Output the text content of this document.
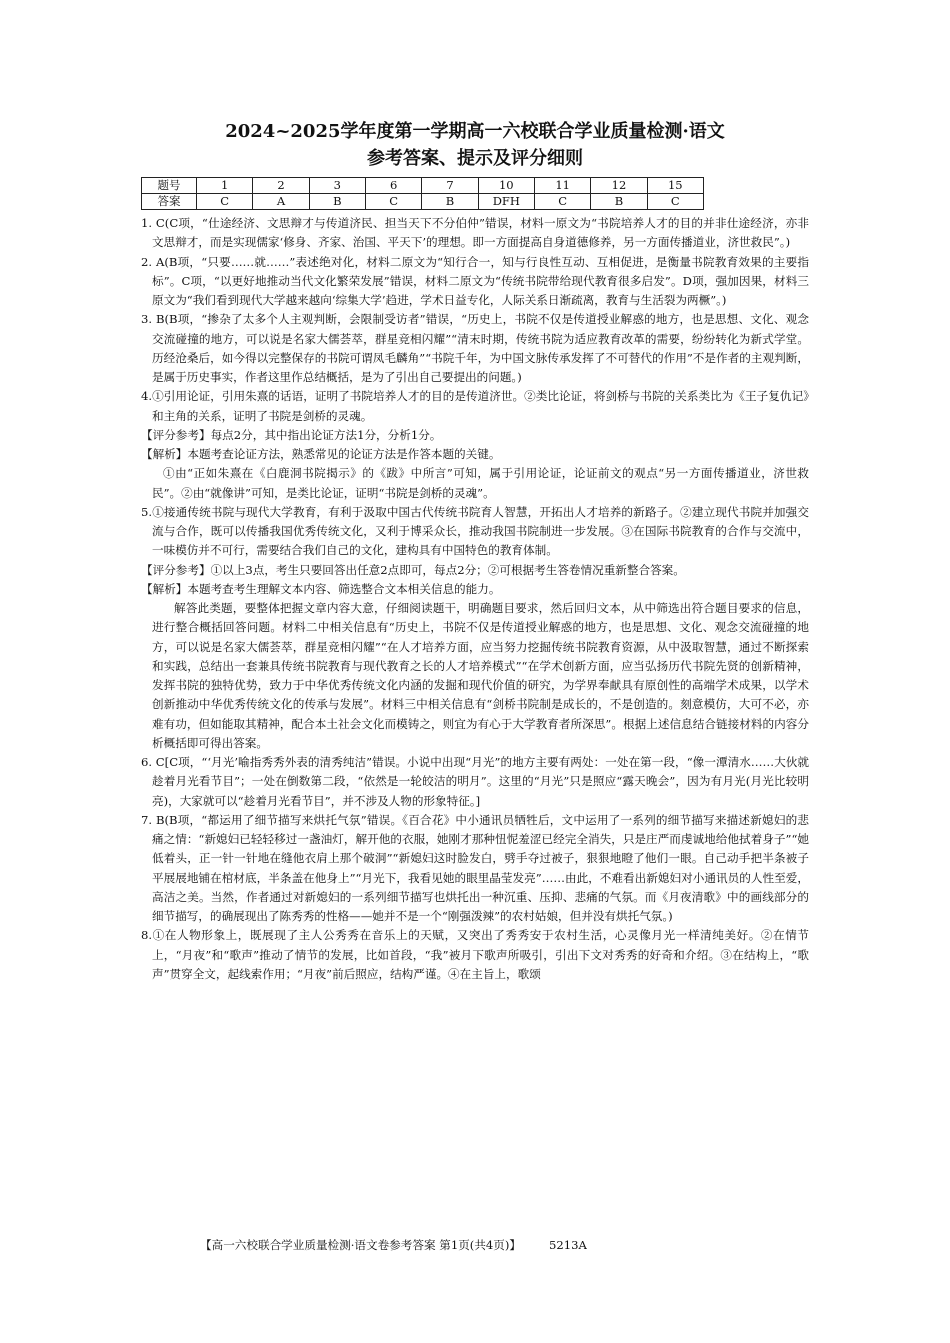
2024~2025学年度第一学期高一六校联合学业质量检测·语文
参考答案、提示及评分细则
题号	1	2	3	6	7	10	11	12	15
答案	C	A	B	C	B	DFH	C	B	C

1. C(C项，“仕途经济、文思辩才与传道济民、担当天下不分伯仲”错误，材料一原文为“书院培养人才的目的并非仕途经济，亦非文思辩才，而是实现儒家‘修身、齐家、治国、平天下’的理想。即一方面提高自身道德修养，另一方面传播道业，济世救民”。)

2. A(B项，“只要……就……”表述绝对化，材料二原文为“知行合一，知与行良性互动、互相促进，是衡量书院教育效果的主要指标”。C项，“以更好地推动当代文化繁荣发展”错误，材料二原文为“传统书院带给现代教育很多启发”。D项，强加因果，材料三原文为“我们看到现代大学越来越向‘综集大学’趋进，学术日益专化，人际关系日渐疏离，教育与生活裂为两橛”。)

3. B(B项，“掺杂了太多个人主观判断，会限制受访者”错误，“历史上，书院不仅是传道授业解惑的地方，也是思想、文化、观念交流碰撞的地方，可以说是名家大儒荟萃，群星竞相闪耀”“清末时期，传统书院为适应教育改革的需要，纷纷转化为新式学堂。历经沧桑后，如今得以完整保存的书院可谓凤毛麟角”“书院千年，为中国文脉传承发挥了不可替代的作用”不是作者的主观判断，是属于历史事实，作者这里作总结概括，是为了引出自己要提出的问题。)

4.①引用论证，引用朱熹的话语，证明了书院培养人才的目的是传道济世。②类比论证，将剑桥与书院的关系类比为《王子复仇记》和主角的关系，证明了书院是剑桥的灵魂。

【评分参考】每点2分，其中指出论证方法1分，分析1分。

【解析】本题考查论证方法，熟悉常见的论证方法是作答本题的关键。

①由“正如朱熹在《白鹿洞书院揭示》的《跋》中所言”可知，属于引用论证，论证前文的观点“另一方面传播道业，济世救民”。②由“就像讲”可知，是类比论证，证明“书院是剑桥的灵魂”。

5.①接通传统书院与现代大学教育，有利于汲取中国古代传统书院育人智慧，开拓出人才培养的新路子。②建立现代书院并加强交流与合作，既可以传播我国优秀传统文化，又利于博采众长，推动我国书院制进一步发展。③在国际书院教育的合作与交流中，一味模仿并不可行，需要结合我们自己的文化，建构具有中国特色的教育体制。

【评分参考】①以上3点，考生只要回答出任意2点即可，每点2分；②可根据考生答卷情况重新整合答案。

【解析】本题考查考生理解文本内容、筛选整合文本相关信息的能力。

解答此类题，要整体把握文章内容大意，仔细阅读题干，明确题目要求，然后回归文本，从中筛选出符合题目要求的信息，进行整合概括回答问题。材料二中相关信息有“历史上，书院不仅是传道授业解惑的地方，也是思想、文化、观念交流碰撞的地方，可以说是名家大儒荟萃，群星竞相闪耀”“在人才培养方面，应当努力挖掘传统书院教育资源，从中汲取智慧，通过不断探索和实践，总结出一套兼具传统书院教育与现代教育之长的人才培养模式”“在学术创新方面，应当弘扬历代书院先贤的创新精神，发挥书院的独特优势，致力于中华优秀传统文化内涵的发掘和现代价值的研究，为学界奉献具有原创性的高端学术成果，以学术创新推动中华优秀传统文化的传承与发展”。材料三中相关信息有“剑桥书院制是成长的，不是创造的。刻意模仿，大可不必，亦难有功，但如能取其精神，配合本土社会文化而模铸之，则宜为有心于大学教育者所深思”。根据上述信息结合链接材料的内容分析概括即可得出答案。

6. C[C项，“‘月光’喻指秀秀外表的清秀纯洁”错误。小说中出现“月光”的地方主要有两处：一处在第一段，“像一潭清水……大伙就趁着月光看节目”；一处在倒数第二段，“依然是一轮皎洁的明月”。这里的“月光”只是照应“露天晚会”，因为有月光(月光比较明亮)，大家就可以“趁着月光看节目”，并不涉及人物的形象特征。]

7. B(B项，“都运用了细节描写来烘托气氛”错误。《百合花》中小通讯员牺牲后，文中运用了一系列的细节描写来描述新媳妇的悲痛之情：“新媳妇已轻轻移过一盏油灯，解开他的衣服，她刚才那种忸怩羞涩已经完全消失，只是庄严而虔诚地给他拭着身子”“她低着头，正一针一针地在缝他衣肩上那个破洞”“新媳妇这时脸发白，劈手夺过被子，狠狠地瞪了他们一眼。自己动手把半条被子平展展地铺在棺材底，半条盖在他身上”“月光下，我看见她的眼里晶莹发亮”……由此，不难看出新媳妇对小通讯员的人性至爱，高洁之美。当然，作者通过对新媳妇的一系列细节描写也烘托出一种沉重、压抑、悲痛的气氛。而《月夜清歌》中的画线部分的细节描写，的确展现出了陈秀秀的性格——她并不是一个“刚强泼辣”的农村姑娘，但并没有烘托气氛。)

8.①在人物形象上，既展现了主人公秀秀在音乐上的天赋，又突出了秀秀安于农村生活，心灵像月光一样清纯美好。②在情节上，“月夜”和“歌声”推动了情节的发展，比如首段，“我”被月下歌声所吸引，引出下文对秀秀的好奇和介绍。③在结构上，“歌声”贯穿全文，起线索作用；“月夜”前后照应，结构严谨。④在主旨上，歌颂

【高一六校联合学业质量检测·语文卷参考答案 第1页(共4页)】 5213A
